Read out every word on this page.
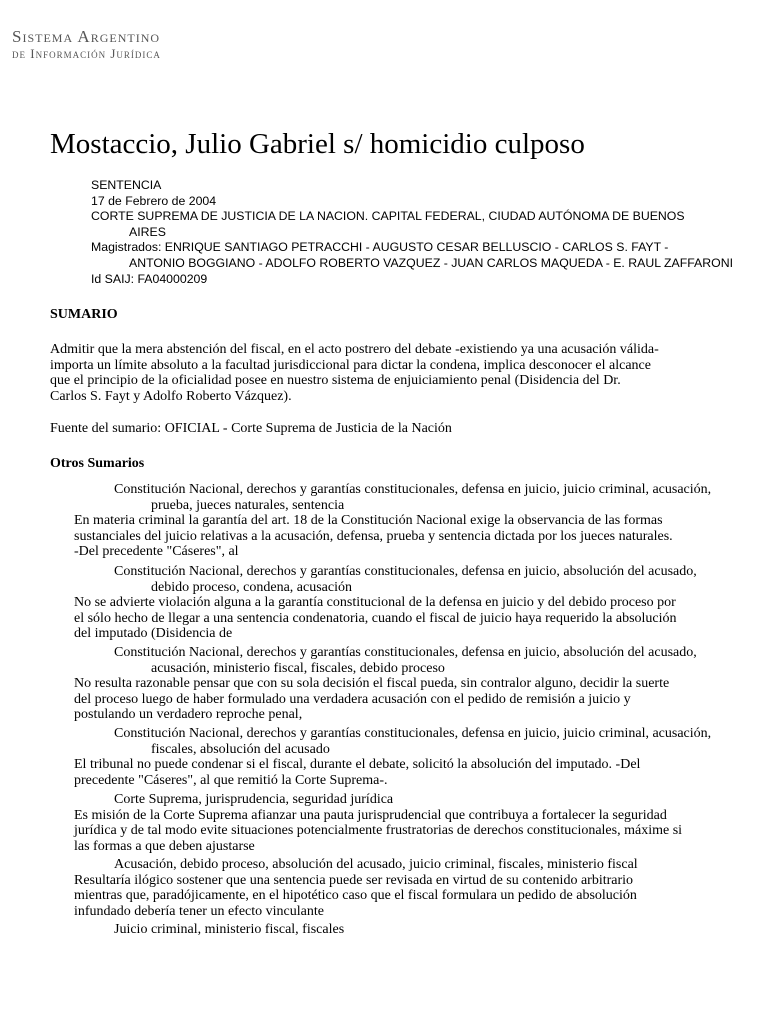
Sistema Argentino
de Información Jurídica
Mostaccio, Julio Gabriel s/ homicidio culposo
SENTENCIA
17 de Febrero de 2004
CORTE SUPREMA DE JUSTICIA DE LA NACION. CAPITAL FEDERAL, CIUDAD AUTÓNOMA DE BUENOS
AIRES
Magistrados: ENRIQUE SANTIAGO PETRACCHI - AUGUSTO CESAR BELLUSCIO - CARLOS S. FAYT -
ANTONIO BOGGIANO - ADOLFO ROBERTO VAZQUEZ - JUAN CARLOS MAQUEDA - E. RAUL ZAFFARONI
Id SAIJ: FA04000209
SUMARIO
Admitir que la mera abstención del fiscal, en el acto postrero del debate -existiendo ya una acusación válida-
importa un límite absoluto a la facultad jurisdiccional para dictar la condena, implica desconocer el alcance
que el principio de la oficialidad posee en nuestro sistema de enjuiciamiento penal (Disidencia del Dr.
Carlos S. Fayt y Adolfo Roberto Vázquez).
Fuente del sumario: OFICIAL - Corte Suprema de Justicia de la Nación
Otros Sumarios
Constitución Nacional, derechos y garantías constitucionales, defensa en juicio, juicio criminal, acusación,
prueba, jueces naturales, sentencia
En materia criminal la garantía del art. 18 de la Constitución Nacional exige la observancia de las formas
sustanciales del juicio relativas a la acusación, defensa, prueba y sentencia dictada por los jueces naturales.
-Del precedente "Cáseres", al
Constitución Nacional, derechos y garantías constitucionales, defensa en juicio, absolución del acusado,
debido proceso, condena, acusación
No se advierte violación alguna a la garantía constitucional de la defensa en juicio y del debido proceso por
el sólo hecho de llegar a una sentencia condenatoria, cuando el fiscal de juicio haya requerido la absolución
del imputado (Disidencia de
Constitución Nacional, derechos y garantías constitucionales, defensa en juicio, absolución del acusado,
acusación, ministerio fiscal, fiscales, debido proceso
No resulta razonable pensar que con su sola decisión el fiscal pueda, sin contralor alguno, decidir la suerte
del proceso luego de haber formulado una verdadera acusación con el pedido de remisión a juicio y
postulando un verdadero reproche penal,
Constitución Nacional, derechos y garantías constitucionales, defensa en juicio, juicio criminal, acusación,
fiscales, absolución del acusado
El tribunal no puede condenar si el fiscal, durante el debate, solicitó la absolución del imputado. -Del
precedente "Cáseres", al que remitió la Corte Suprema-.
Corte Suprema, jurisprudencia, seguridad jurídica
Es misión de la Corte Suprema afianzar una pauta jurisprudencial que contribuya a fortalecer la seguridad
jurídica y de tal modo evite situaciones potencialmente frustratorias de derechos constitucionales, máxime si
las formas a que deben ajustarse
Acusación, debido proceso, absolución del acusado, juicio criminal, fiscales, ministerio fiscal
Resultaría ilógico sostener que una sentencia puede ser revisada en virtud de su contenido arbitrario
mientras que, paradójicamente, en el hipotético caso que el fiscal formulara un pedido de absolución
infundado debería tener un efecto vinculante
Juicio criminal, ministerio fiscal, fiscales
